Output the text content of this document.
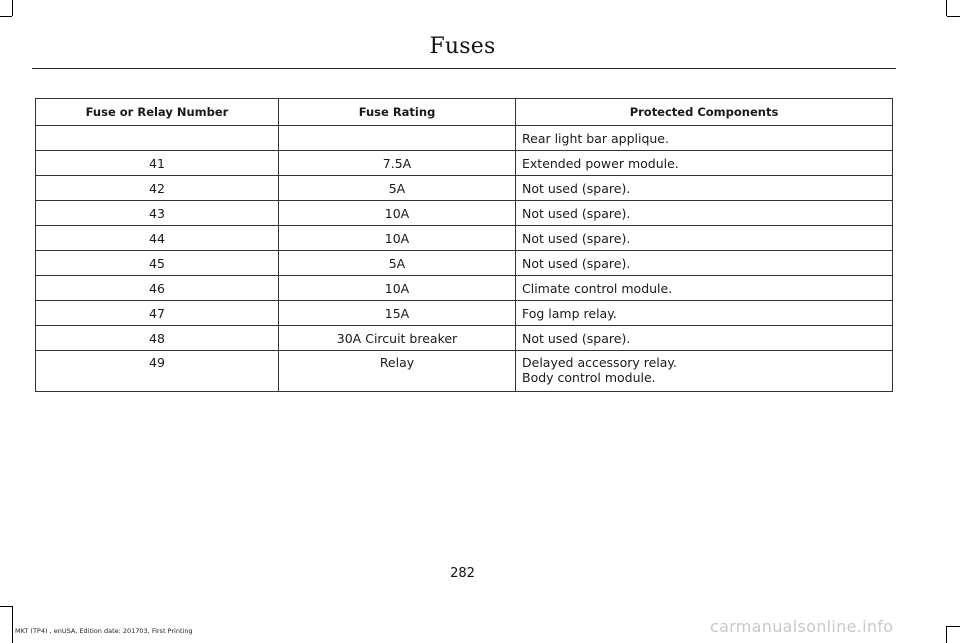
Fuses
Fuse or Relay Number	Fuse Rating	Protected Components
		Rear light bar applique.
41	7.5A	Extended power module.
42	5A	Not used (spare).
43	10A	Not used (spare).
44	10A	Not used (spare).
45	5A	Not used (spare).
46	10A	Climate control module.
47	15A	Fog lamp relay.
48	30A Circuit breaker	Not used (spare).
49	Relay	Delayed accessory relay.
Body control module.
282
MKT (TP4) , enUSA, Edition date: 201703, First Printing	carmanualsonline.info
